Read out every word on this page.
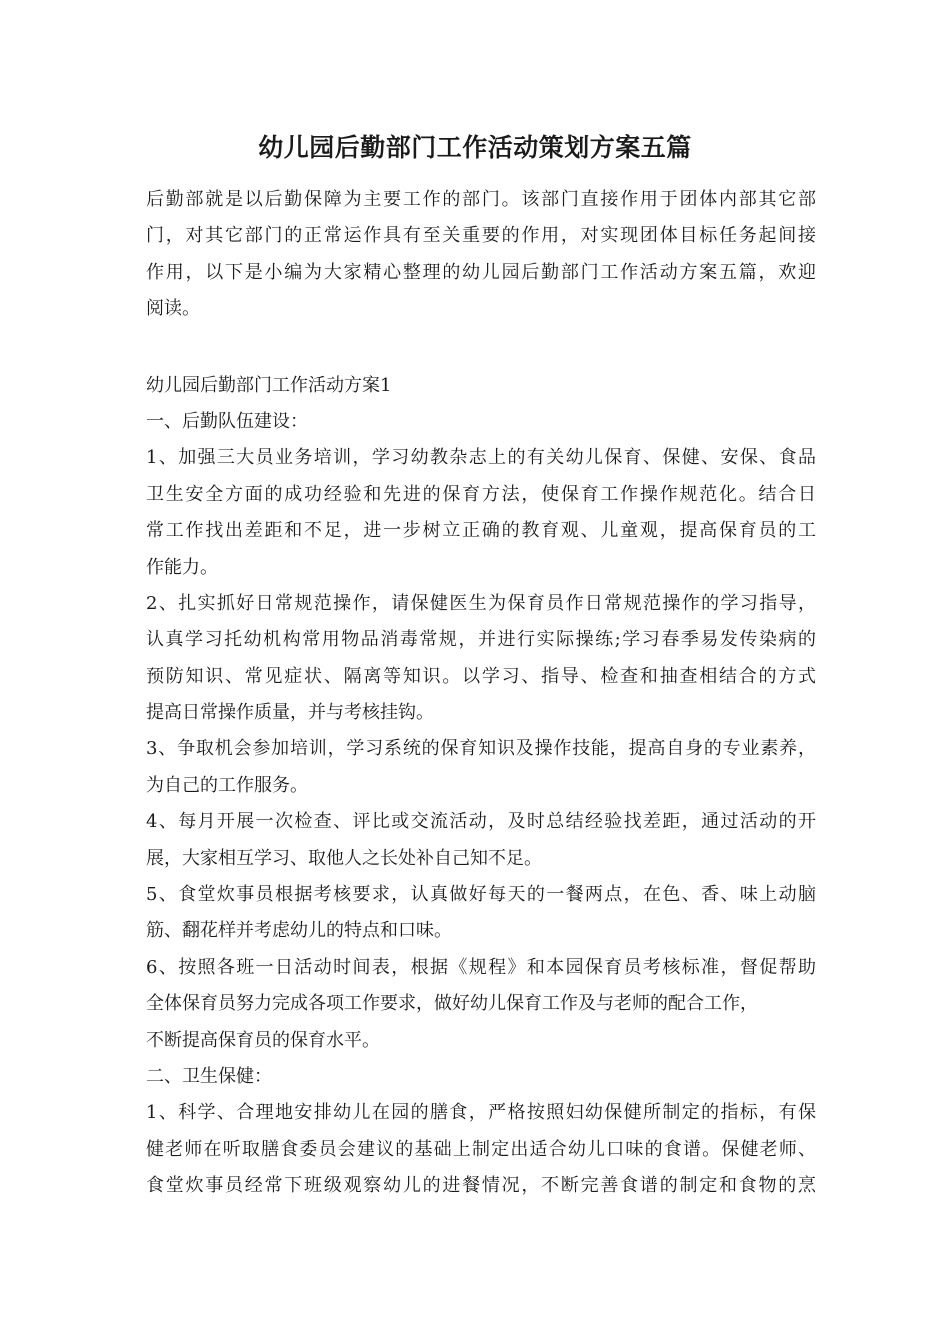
幼儿园后勤部门工作活动策划方案五篇
后勤部就是以后勤保障为主要工作的部门。该部门直接作用于团体内部其它部
门，对其它部门的正常运作具有至关重要的作用，对实现团体目标任务起间接
作用，以下是小编为大家精心整理的幼儿园后勤部门工作活动方案五篇，欢迎
阅读。
幼儿园后勤部门工作活动方案1
一、后勤队伍建设：
1、加强三大员业务培训，学习幼教杂志上的有关幼儿保育、保健、安保、食品
卫生安全方面的成功经验和先进的保育方法，使保育工作操作规范化。结合日
常工作找出差距和不足，进一步树立正确的教育观、儿童观，提高保育员的工
作能力。
2、扎实抓好日常规范操作，请保健医生为保育员作日常规范操作的学习指导，
认真学习托幼机构常用物品消毒常规，并进行实际操练;学习春季易发传染病的
预防知识、常见症状、隔离等知识。以学习、指导、检查和抽查相结合的方式
提高日常操作质量，并与考核挂钩。
3、争取机会参加培训，学习系统的保育知识及操作技能，提高自身的专业素养，
为自己的工作服务。
4、每月开展一次检查、评比或交流活动，及时总结经验找差距，通过活动的开
展，大家相互学习、取他人之长处补自己知不足。
5、食堂炊事员根据考核要求，认真做好每天的一餐两点，在色、香、味上动脑
筋、翻花样并考虑幼儿的特点和口味。
6、按照各班一日活动时间表，根据《规程》和本园保育员考核标准，督促帮助
全体保育员努力完成各项工作要求，做好幼儿保育工作及与老师的配合工作，
不断提高保育员的保育水平。
二、卫生保健：
1、科学、合理地安排幼儿在园的膳食，严格按照妇幼保健所制定的指标，有保
健老师在听取膳食委员会建议的基础上制定出适合幼儿口味的食谱。保健老师、
食堂炊事员经常下班级观察幼儿的进餐情况，不断完善食谱的制定和食物的烹
